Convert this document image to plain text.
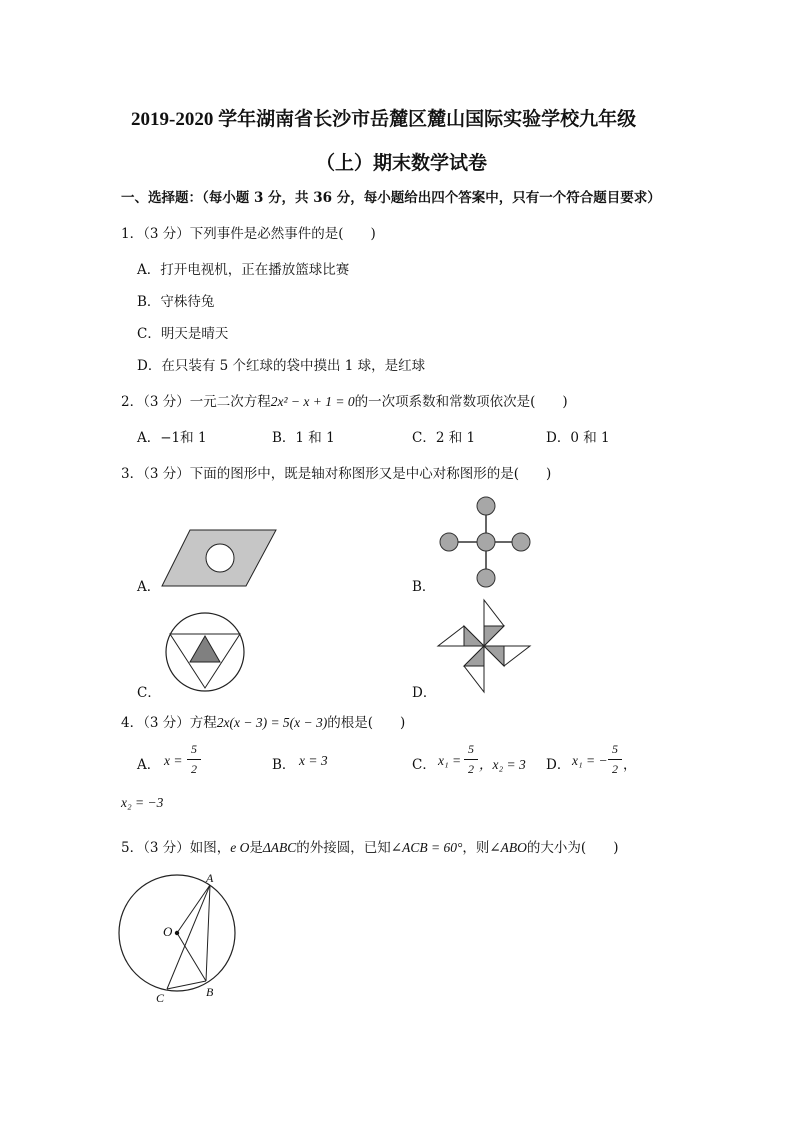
2019-2020 学年湖南省长沙市岳麓区麓山国际实验学校九年级
（上）期末数学试卷
一、选择题：（每小题 3 分，共 36 分，每小题给出四个答案中，只有一个符合题目要求）
1．（3 分）下列事件是必然事件的是(　　)
A．打开电视机，正在播放篮球比赛
B．守株待兔
C．明天是晴天
D．在只装有 5 个红球的袋中摸出 1 球，是红球
2．（3 分）一元二次方程2x² − x + 1 = 0的一次项系数和常数项依次是(　　)
A．−1和 1	B．1 和 1	C．2 和 1	D．0 和 1
3．（3 分）下面的图形中，既是轴对称图形又是中心对称图形的是(　　)
A．	B．
C．	D．
4．（3 分）方程2x(x − 3) = 5(x − 3)的根是(　　)
A． x =
5
2	B． x = 3	C． x₁ =
5
2 ，x₂ = 3 D． x₁ = −
5
2 ，
x₂ = −3
5．（3 分）如图，e O是ΔABC的外接圆，已知∠ACB = 60°，则∠ABO的大小为(　　)
A
O
B
C
